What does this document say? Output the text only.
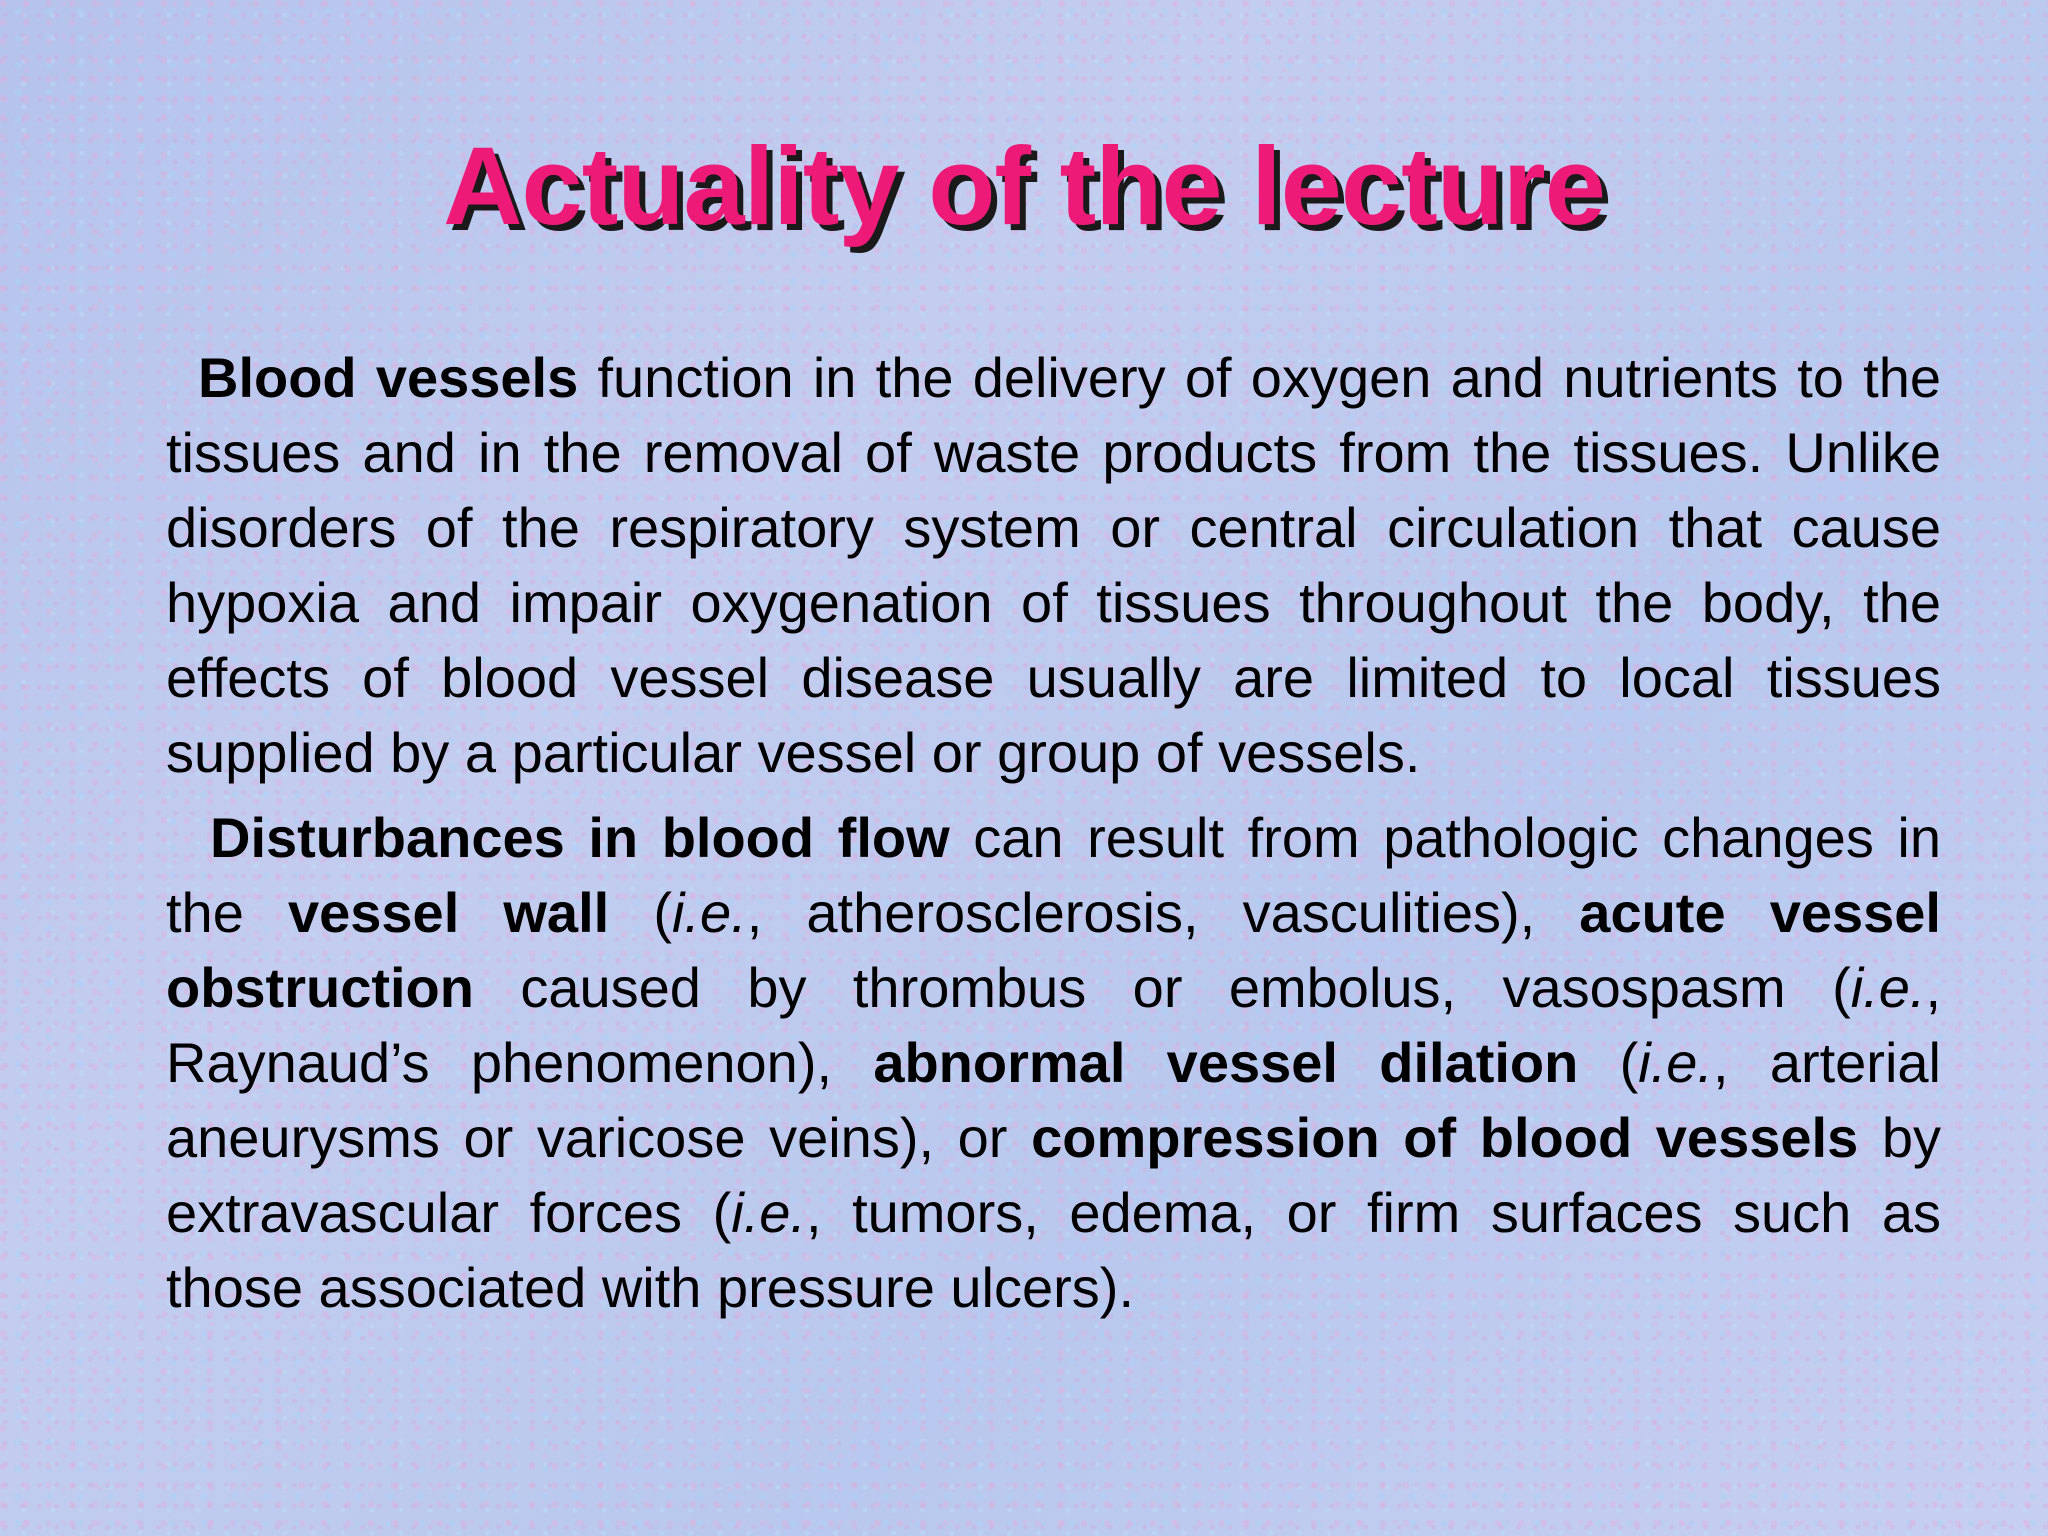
Actuality of the lecture

Blood vessels function in the delivery of oxygen and nutrients to the tissues and in the removal of waste products from the tissues. Unlike disorders of the respiratory system or central circulation that cause hypoxia and impair oxygenation of tissues throughout the body, the effects of blood vessel disease usually are limited to local tissues supplied by a particular vessel or group of vessels.

Disturbances in blood flow can result from pathologic changes in the vessel wall (i.e., atherosclerosis, vasculities), acute vessel obstruction caused by thrombus or embolus, vasospasm (i.e., Raynaud’s phenomenon), abnormal vessel dilation (i.e., arterial aneurysms or varicose veins), or compression of blood vessels by extravascular forces (i.e., tumors, edema, or firm surfaces such as those associated with pressure ulcers).
